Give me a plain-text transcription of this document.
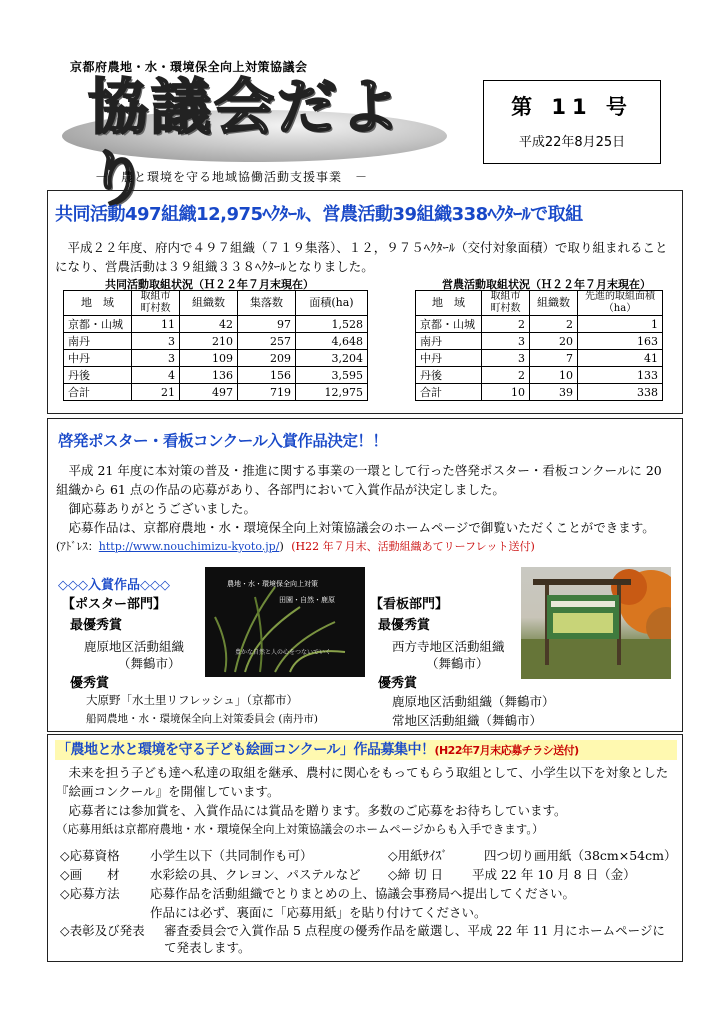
京都府農地・水・環境保全向上対策協議会
協議会だより
－　農と環境を守る地域協働活動支援事業　－
第 11 号
平成22年8月25日
共同活動497組織12,975ﾍｸﾀｰﾙ、営農活動39組織338ﾍｸﾀｰﾙで取組
　平成２２年度、府内で４９７組織（７１９集落）、１２，９７５ﾍｸﾀｰﾙ（交付対象面積）で取り組まれることになり、営農活動は３９組織３３８ﾍｸﾀｰﾙとなりました。
共同活動取組状況（Ｈ２２年７月末現在）
地　域	取組市町村数	組織数	集落数	面積(ha)
京都・山城	11	42	97	1,528
南丹	3	210	257	4,648
中丹	3	109	209	3,204
丹後	4	136	156	3,595
合計	21	497	719	12,975
営農活動取組状況（Ｈ２２年７月末現在）
地　域	取組市町村数	組織数	先進的取組面積（ha）
京都・山城	2	2	1
南丹	3	20	163
中丹	3	7	41
丹後	2	10	133
合計	10	39	338
啓発ポスター・看板コンクール入賞作品決定！！
　平成 21 年度に本対策の普及・推進に関する事業の一環として行った啓発ポスター・看板コンクールに 20 組織から 61 点の作品の応募があり、各部門において入賞作品が決定しました。
　御応募ありがとうございました。
　応募作品は、京都府農地・水・環境保全向上対策協議会のホームページで御覧いただくことができます。
(ｱﾄﾞﾚｽ：http://www.nouchimizu-kyoto.jp/) (H22 年７月末、活動組織あてリーフレット送付)
◇◇◇入賞作品◇◇◇
【ポスター部門】
最優秀賞
鹿原地区活動組織
（舞鶴市）
優秀賞
大原野「水土里リフレッシュ」（京都市）
船岡農地・水・環境保全向上対策委員会 (南丹市)
農地・水・環境保全向上対策
田園・自然・鹿原
豊かな自然と人の心をつないでいく
【看板部門】
最優秀賞
西方寺地区活動組織
（舞鶴市）
優秀賞
鹿原地区活動組織（舞鶴市）
常地区活動組織（舞鶴市）
「農地と水と環境を守る子ども絵画コンクール」作品募集中！(H22年7月末応募チラシ送付)
　未来を担う子ども達へ私達の取組を継承、農村に関心をもってもらう取組として、小学生以下を対象とした『絵画コンクール』を開催しています。
　応募者には参加賞を、入賞作品には賞品を贈ります。多数のご応募をお待ちしています。
（応募用紙は京都府農地・水・環境保全向上対策協議会のホームページからも入手できます。）
◇応募資格 小学生以下（共同制作も可）	◇用紙ｻｲｽﾞ	四つ切り画用紙（38cm×54cm）
◇画　　材 水彩絵の具、クレヨン、パステルなど ◇締 切 日 平成 22 年 10 月 8 日（金）
◇応募方法 応募作品を活動組織でとりまとめの上、協議会事務局へ提出してください。
作品には必ず、裏面に「応募用紙」を貼り付けてください。
◇表彰及び発表 審査委員会で入賞作品 5 点程度の優秀作品を厳選し、平成 22 年 11 月にホームページにて発表します。
